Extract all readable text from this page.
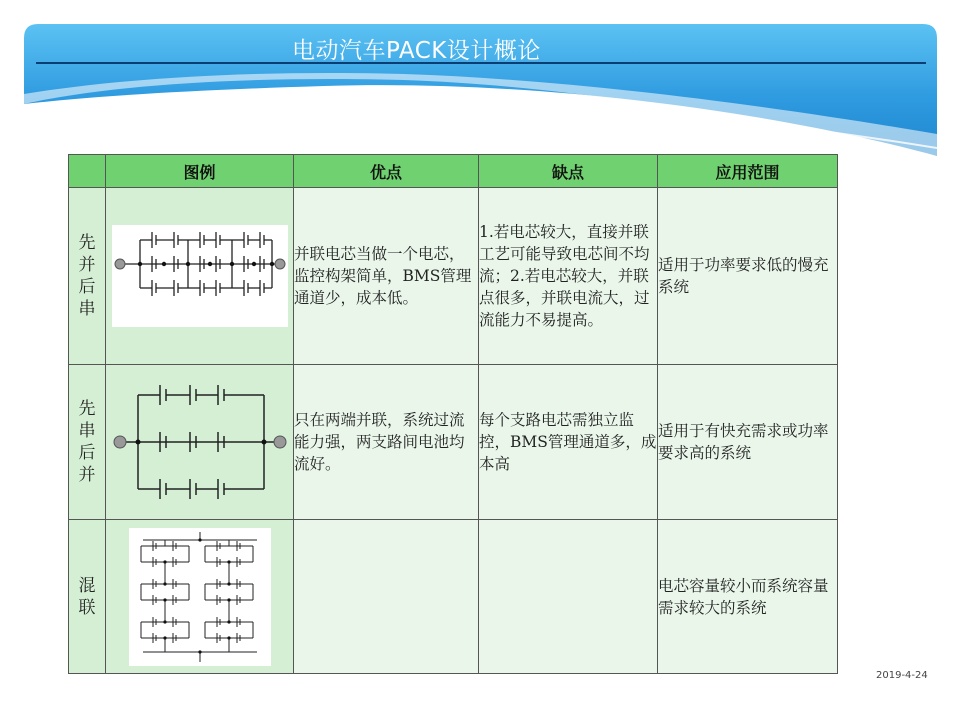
电动汽车PACK设计概论
	图例	优点	缺点	应用范围
先并后串		并联电芯当做一个电芯，监控构架简单，BMS管理通道少，成本低。	1.若电芯较大，直接并联工艺可能导致电芯间不均流；2.若电芯较大，并联点很多，并联电流大，过流能力不易提高。	适用于功率要求低的慢充系统

先串后并		只在两端并联，系统过流能力强，两支路间电池均流好。	每个支路电芯需独立监控，BMS管理通道多，成本高	适用于有快充需求或功率要求高的系统

混联				电芯容量较小而系统容量需求较大的系统
2019-4-24
